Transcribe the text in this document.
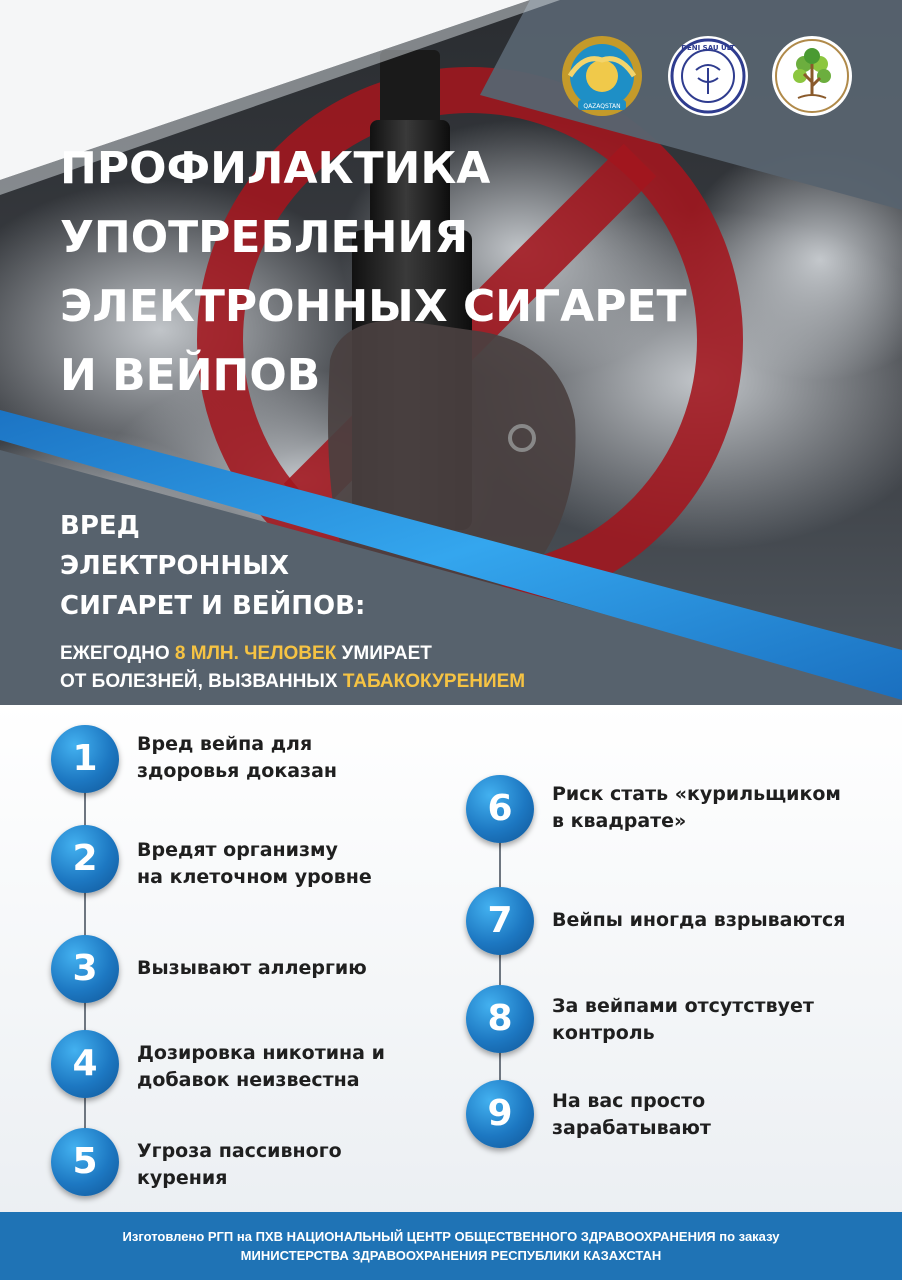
QAZAQSTAN
DENI SAU ULT
ПРОФИЛАКТИКА
УПОТРЕБЛЕНИЯ
ЭЛЕКТРОННЫХ СИГАРЕТ
И ВЕЙПОВ
ВРЕД
ЭЛЕКТРОННЫХ
СИГАРЕТ И ВЕЙПОВ:
ЕЖЕГОДНО 8 МЛН. ЧЕЛОВЕК УМИРАЕТ
ОТ БОЛЕЗНЕЙ, ВЫЗВАННЫХ ТАБАКОКУРЕНИЕМ
1	Вред вейпа для
здоровья доказан
2	Вредят организму
на клеточном уровне
3	Вызывают аллергию
4	Дозировка никотина и
добавок неизвестна
5	Угроза пассивного
курения
6	Риск стать «курильщиком
в квадрате»
7	Вейпы иногда взрываются
8	За вейпами отсутствует
контроль
9	На вас просто
зарабатывают
Изготовлено РГП на ПХВ НАЦИОНАЛЬНЫЙ ЦЕНТР ОБЩЕСТВЕННОГО ЗДРАВООХРАНЕНИЯ по заказу
МИНИСТЕРСТВА ЗДРАВООХРАНЕНИЯ РЕСПУБЛИКИ КАЗАХСТАН
